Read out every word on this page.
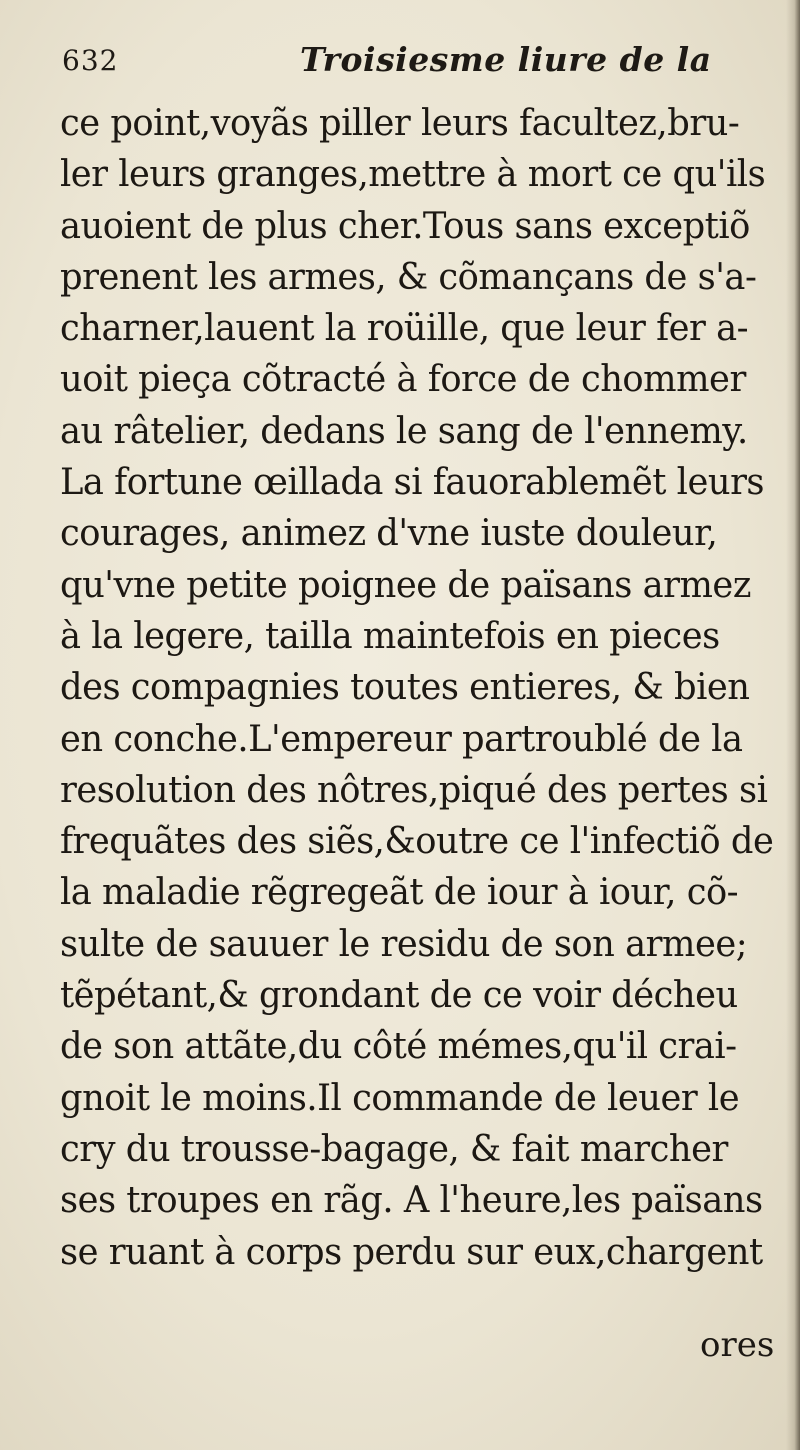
632	Troisiesme liure de la
ce point,voyãs piller leurs facultez,bru-
ler leurs granges,mettre à mort ce qu'ils
auoient de plus cher.Tous sans exceptiõ
prenent les armes, & cõmançans de s'a-
charner,lauent la roüille, que leur fer a-
uoit pieça cõtracté à force de chommer
au râtelier, dedans le sang de l'ennemy.
La fortune œillada si fauorablemẽt leurs
courages, animez d'vne iuste douleur,
qu'vne petite poignee de païsans armez
à la legere, tailla maintefois en pieces
des compagnies toutes entieres, & bien
en conche.L'empereur partroublé de la
resolution des nôtres,piqué des pertes si
frequãtes des siẽs,&outre ce l'infectiõ de
la maladie rẽgregeãt de iour à iour, cõ-
sulte de sauuer le residu de son armee;
tẽpétant,& grondant de ce voir décheu
de son attãte,du côté mémes,qu'il crai-
gnoit le moins.Il commande de leuer le
cry du trousse-bagage, & fait marcher
ses troupes en rãg. A l'heure,les païsans
se ruant à corps perdu sur eux,chargent
ores
